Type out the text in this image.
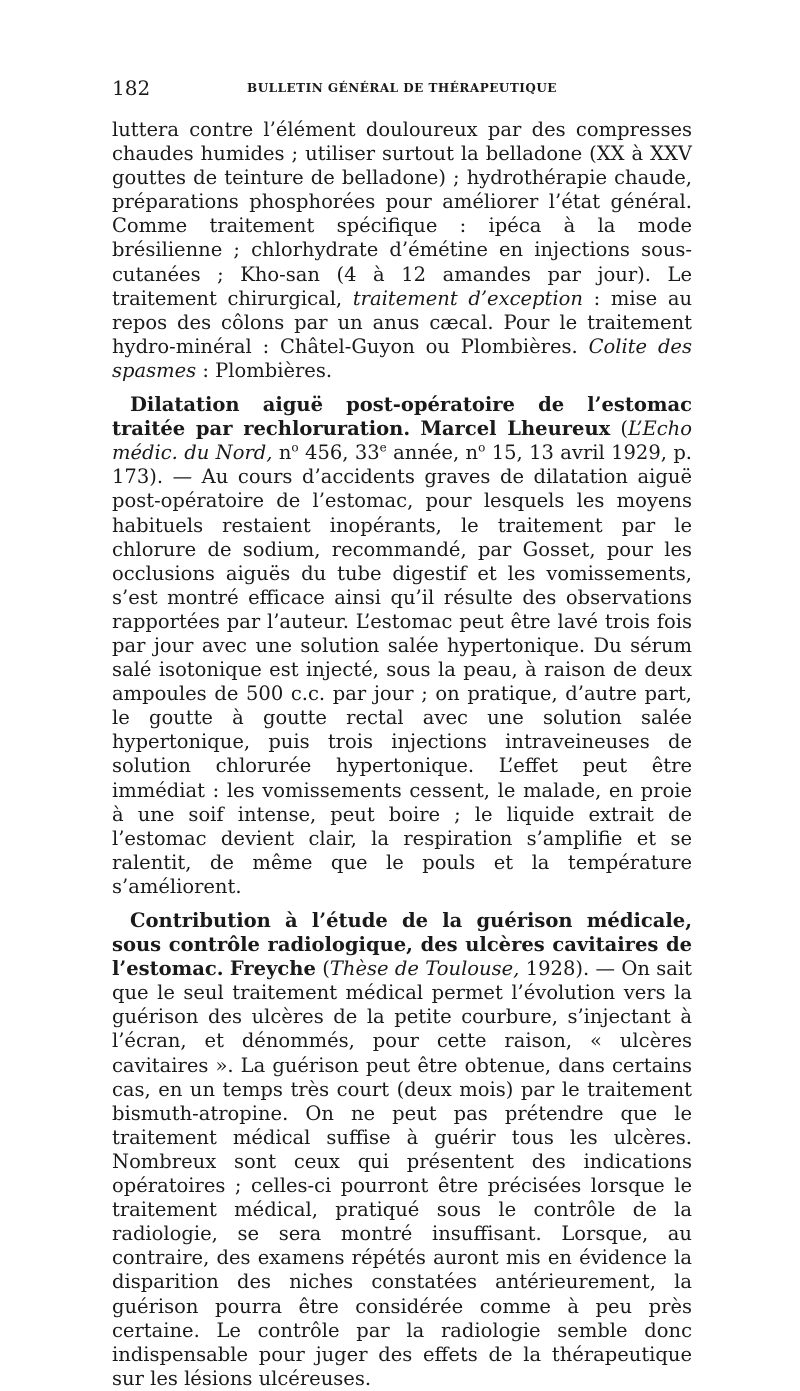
182	BULLETIN GÉNÉRAL DE THÉRAPEUTIQUE

luttera contre l’élément douloureux par des compresses chaudes humides ; utiliser surtout la belladone (XX à XXV gouttes de teinture de belladone) ; hydrothérapie chaude, préparations phosphorées pour améliorer l’état général. Comme traitement spécifique : ipéca à la mode brésilienne ; chlorhydrate d’émétine en injections sous-cutanées ; Kho-san (4 à 12 amandes par jour). Le traitement chirurgical, traitement d’exception : mise au repos des côlons par un anus cæcal. Pour le traitement hydro-minéral : Châtel-Guyon ou Plombières. Colite des spasmes : Plombières.

Dilatation aiguë post-opératoire de l’estomac traitée par rechloruration. Marcel Lheureux (L’Echo médic. du Nord, $n^o$ 456, 33e année, $n^o$ 15, 13 avril 1929, p. 173). — Au cours d’accidents graves de dilatation aiguë post-opératoire de l’estomac, pour lesquels les moyens habituels restaient inopérants, le traitement par le chlorure de sodium, recommandé, par Gosset, pour les occlusions aiguës du tube digestif et les vomissements, s’est montré efficace ainsi qu’il résulte des observations rapportées par l’auteur. L’estomac peut être lavé trois fois par jour avec une solution salée hypertonique. Du sérum salé isotonique est injecté, sous la peau, à raison de deux ampoules de 500 c.c. par jour ; on pratique, d’autre part, le goutte à goutte rectal avec une solution salée hypertonique, puis trois injections intraveineuses de solution chlorurée hypertonique. L’effet peut être immédiat : les vomissements cessent, le malade, en proie à une soif intense, peut boire ; le liquide extrait de l’estomac devient clair, la respiration s’amplifie et se ralentit, de même que le pouls et la température s’améliorent.

Contribution à l’étude de la guérison médicale, sous contrôle radiologique, des ulcères cavitaires de l’estomac. Freyche (Thèse de Toulouse, 1928). — On sait que le seul traitement médical permet l’évolution vers la guérison des ulcères de la petite courbure, s’injectant à l’écran, et dénommés, pour cette raison, « ulcères cavitaires ». La guérison peut être obtenue, dans certains cas, en un temps très court (deux mois) par le traitement bismuth-atropine. On ne peut pas prétendre que le traitement médical suffise à guérir tous les ulcères. Nombreux sont ceux qui présentent des indications opératoires ; celles-ci pourront être précisées lorsque le traitement médical, pratiqué sous le contrôle de la radiologie, se sera montré insuffisant. Lorsque, au contraire, des examens répétés auront mis en évidence la disparition des niches constatées antérieurement, la guérison pourra être considérée comme à peu près certaine. Le contrôle par la radiologie semble donc indispensable pour juger des effets de la thérapeutique sur les lésions ulcéreuses.
